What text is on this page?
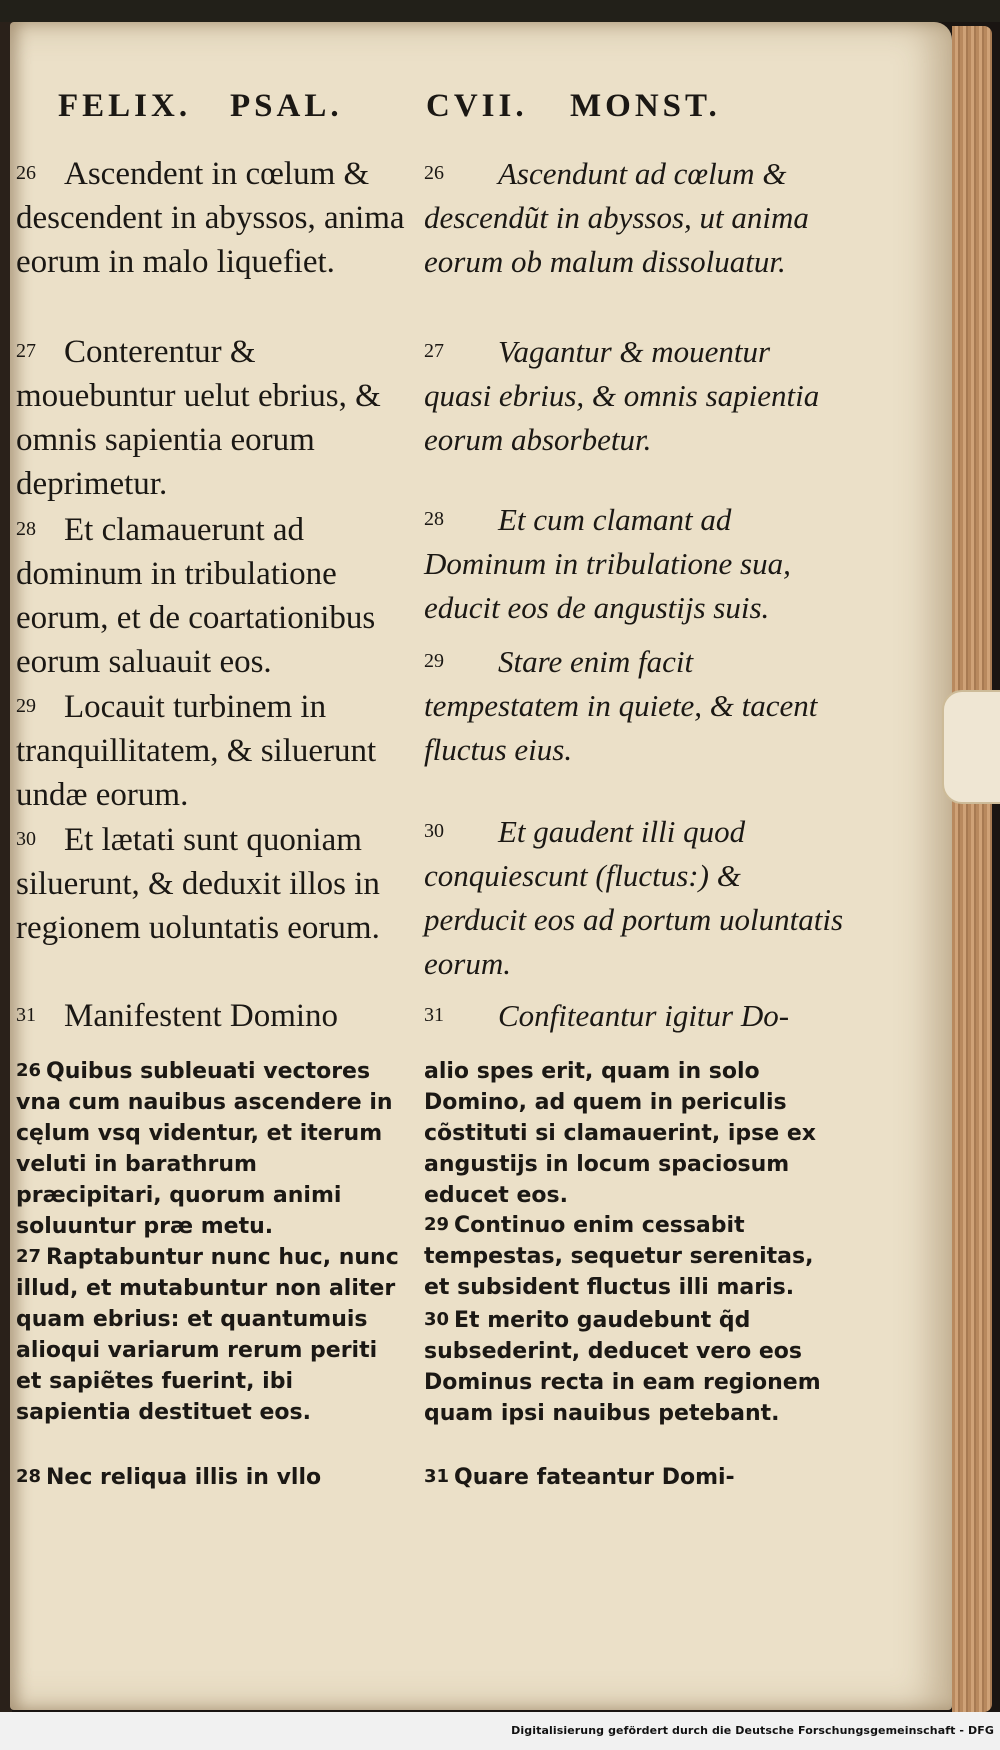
FELIX. PSAL.	CVII. MONST.
26 Ascendent in cœlum & descendent in abyssos, anima eorum in malo liquefiet.
27 Conterentur & mouebuntur uelut ebrius, & omnis sapientia eorum deprimetur.
28 Et clamauerunt ad dominum in tribulatione eorum, et de coartationibus eorum saluauit eos.
29 Locauit turbinem in tranquillitatem, & siluerunt undæ eorum.
30 Et lætati sunt quoniam siluerunt, & deduxit illos in regionem uoluntatis eorum.
31 Manifestent Domino
26	Ascendunt ad cœlum & descendũt in abyssos, ut anima eorum ob malum dissoluatur.
27	Vagantur & mouentur quasi ebrius, & omnis sapientia eorum absorbetur.
28	Et cum clamant ad Dominum in tribulatione sua, educit eos de angustijs suis.
29	Stare enim facit tempestatem in quiete, & tacent fluctus eius.
30	Et gaudent illi quod conquiescunt (fluctus:) & perducit eos ad portum uoluntatis eorum.
31	Confiteantur igitur Do-
26 Quibus subleuati vectores vna cum nauibus ascendere in cęlum vsq videntur, et iterum veluti in barathrum præcipitari, quorum animi soluuntur præ metu.
27 Raptabuntur nunc huc, nunc illud, et mutabuntur non aliter quam ebrius: et quantumuis alioqui variarum rerum periti et sapiẽtes fuerint, ibi sapientia destituet eos.
28 Nec reliqua illis in vllo
alio spes erit, quam in solo Domino, ad quem in periculis cõstituti si clamauerint, ipse ex angustijs in locum spaciosum educet eos.
29 Continuo enim cessabit tempestas, sequetur serenitas, et subsident fluctus illi maris.
30 Et merito gaudebunt q̃d subsederint, deducet vero eos Dominus recta in eam regionem quam ipsi nauibus petebant.
31 Quare fateantur Domi-
Digitalisierung gefördert durch die Deutsche Forschungsgemeinschaft - DFG
